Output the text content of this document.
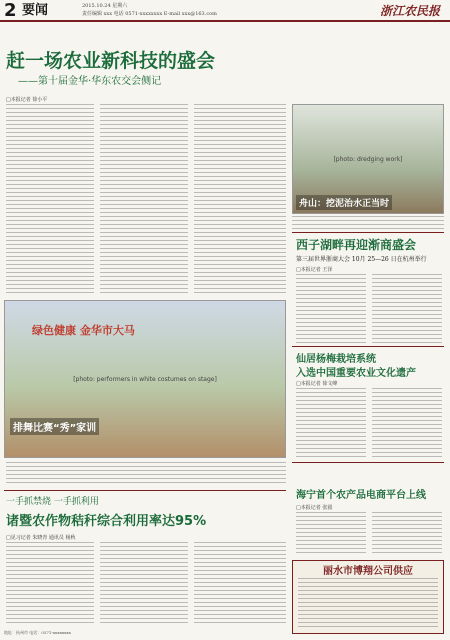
2 要闻	2015.10.24 星期六
责任编辑 xxx 电话 0571-xxxxxxxx E-mail xxx@163.com	浙江农民报
赶一场农业新科技的盛会
——第十届金华·华东农交会侧记
□本报记者 徐小平
[photo: performers in white costumes on stage]
绿色健康 金华市大马
排舞比赛“秀”家训
[photo: dredging work]
舟山：挖泥治水正当时
西子湖畔再迎渐商盛会
第三届世界浙商大会 10月 25—26 日在杭州举行
□本报记者 王泽
仙居杨梅栽培系统
入选中国重要农业文化遗产
□本报记者 徐文峰
海宁首个农产品电商平台上线
□本报记者 张圆
一手抓禁烧 一手抓利用
诸暨农作物秸秆综合利用率达95%
□见习记者 朱晓青 通讯员 杨秋
丽水市博翔公司供应
地址：杭州市 电话：0571-xxxxxxxx
